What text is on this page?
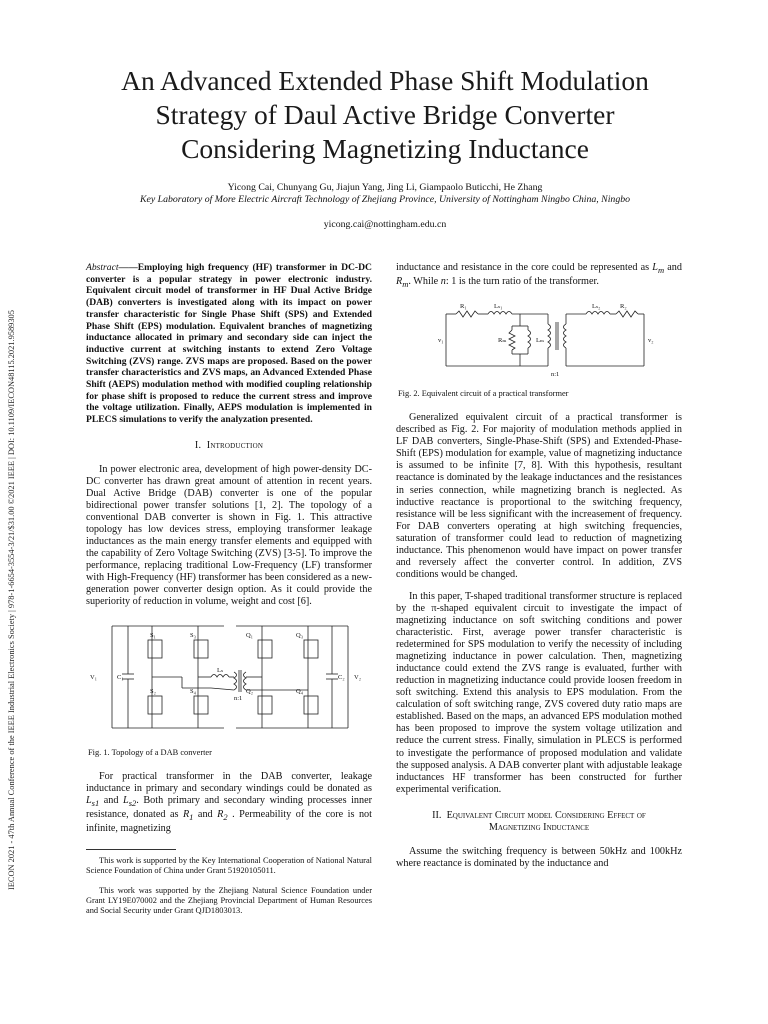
IECON 2021 - 47th Annual Conference of the IEEE Industrial Electronics Society | 978-1-6654-3554-3/21/$31.00 ©2021 IEEE | DOI: 10.1109/IECON48115.2021.9589305
An Advanced Extended Phase Shift Modulation Strategy of Daul Active Bridge Converter Considering Magnetizing Inductance
Yicong Cai, Chunyang Gu, Jiajun Yang, Jing Li, Giampaolo Buticchi, He Zhang
Key Laboratory of More Electric Aircraft Technology of Zhejiang Province, University of Nottingham Ningbo China, Ningbo
yicong.cai@nottingham.edu.cn

Abstract——Employing high frequency (HF) transformer in DC-DC converter is a popular strategy in power electronic industry. Equivalent circuit model of transformer in HF Dual Active Bridge (DAB) converters is investigated along with its impact on power transfer characteristic for Single Phase Shift (SPS) and Extended Phase Shift (EPS) modulation. Equivalent branches of magnetizing inductance allocated in primary and secondary side can inject the inductive current at switching instants to extend Zero Voltage Switching (ZVS) range. ZVS maps are proposed. Based on the power transfer characteristics and ZVS maps, an Advanced Extended Phase Shift (AEPS) modulation method with modified coupling relationship for phase shift is proposed to reduce the current stress and improve the voltage utilization. Finally, AEPS modulation is implemented in PLECS simulations to verify the analyzation presented.

I. Introduction

In power electronic area, development of high power-density DC-DC converter has drawn great amount of attention in recent years. Dual Active Bridge (DAB) converter is one of the popular bidirectional power transfer solutions [1, 2]. The topology of a conventional DAB converter is shown in Fig. 1. This attractive topology has low devices stress, employing transformer leakage inductances as the main energy transfer elements and equipped with the capability of Zero Voltage Switching (ZVS) [3-5]. To improve the performance, replacing traditional Low-Frequency (LF) transformer with High-Frequency (HF) transformer has been considered as a new-generation power converter design option. As it could provide the superiority of reduction in volume, weight and cost [6].

S₁
S₂
S₃
S₄
Q₁
Q₂
Q₃
Q₄
V₁	C₁	C₂ V₂
Lₛ
n:1
Fig. 1. Topology of a DAB converter

For practical transformer in the DAB converter, leakage inductance in primary and secondary windings could be donated as $L_{s1}$ and $L_{s2}$. Both primary and secondary winding processes inner resistance, donated as $R_1$ and $R_2$ . Permeability of the core is not infinite, magnetizing

This work is supported by the Key International Cooperation of National Natural Science Foundation of China under Grant 51920105011.

This work was supported by the Zhejiang Natural Science Foundation under Grant LY19E070002 and the Zhejiang Provincial Department of Human Resources and Social Security under Grant QJD1803013.

inductance and resistance in the core could be represented as $L_m$ and $R_m$. While n: 1 is the turn ratio of the transformer.

R₁	Lₛ₁	Lₛ₂	R₂
Rₘ	Lₘ
v₁	v₂
n:1
Fig. 2. Equivalent circuit of a practical transformer

Generalized equivalent circuit of a practical transformer is described as Fig. 2. For majority of modulation methods applied in LF DAB converters, Single-Phase-Shift (SPS) and Extended-Phase-Shift (EPS) modulation for example, value of magnetizing inductance is assumed to be infinite [7, 8]. With this hypothesis, resultant reactance is dominated by the leakage inductances and the resistances in series connection, while magnetizing branch is neglected. As inductive reactance is proportional to the switching frequency, resistance will be less significant with the increasement of frequency. For DAB converters operating at high switching frequencies, saturation of transformer could lead to reduction of magnetizing inductance. This phenomenon would have impact on power transfer and reversely affect the converter control. In addition, ZVS conditions would be changed.

In this paper, T-shaped traditional transformer structure is replaced by the π-shaped equivalent circuit to investigate the impact of magnetizing inductance on soft switching conditions and power characteristic. First, average power transfer characteristic is redetermined for SPS modulation to verify the necessity of including magnetizing inductance in power calculation. Then, magnetizing inductance could extend the ZVS range is evaluated, further with reduction in magnetizing inductance could provide loosen freedom in soft switching. Extend this analysis to EPS modulation. From the calculation of soft switching range, ZVS covered duty ratio maps are established. Based on the maps, an advanced EPS modulation mothed has been proposed to improve the system voltage utilization and reduce the current stress. Finally, simulation in PLECS is performed to investigate the performance of proposed modulation and validate the supposed analysis. A DAB converter plant with adjustable leakage inductances HF transformer has been constructed for further experimental verification.

II. Equivalent Circuit model Considering Effect of
Magnetizing Inductance

Assume the switching frequency is between 50kHz and 100kHz where reactance is dominated by the inductance and
